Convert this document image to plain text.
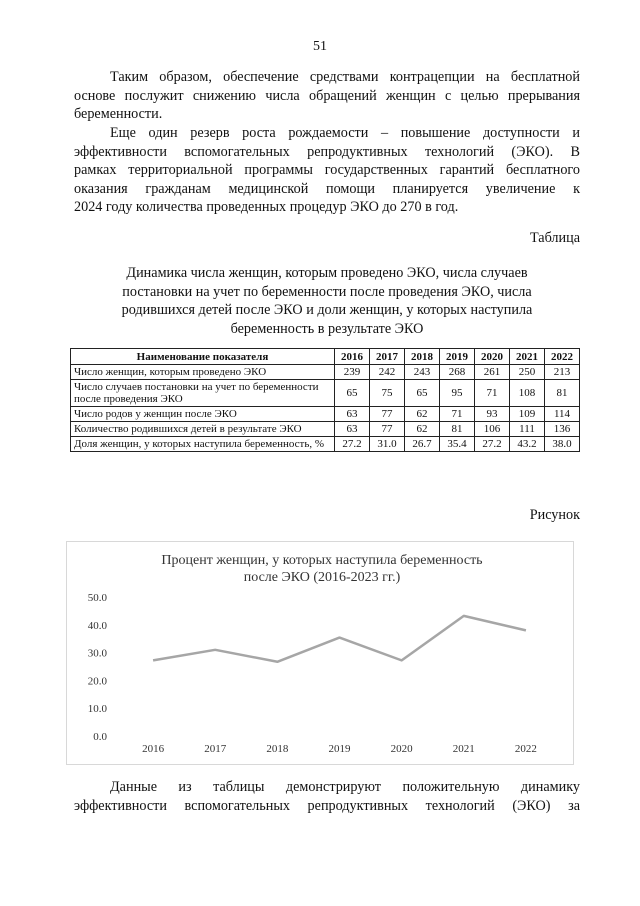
51

Таким образом, обеспечение средствами контрацепции на бесплатной
основе послужит снижению числа обращений женщин с целью прерывания
беременности.

Еще один резерв роста рождаемости – повышение доступности и
эффективности вспомогательных репродуктивных технологий (ЭКО). В
рамках территориальной программы государственных гарантий бесплатного
оказания гражданам медицинской помощи планируется увеличение к
2024 году количества проведенных процедур ЭКО до 270 в год.

Таблица
Динамика числа женщин, которым проведено ЭКО, числа случаев
постановки на учет по беременности после проведения ЭКО, числа
родившихся детей после ЭКО и доли женщин, у которых наступила
беременность в результате ЭКО
Наименование показателя	2016	2017	2018	2019	2020	2021	2022
Число женщин, которым проведено ЭКО	239	242	243	268	261	250	213
Число случаев постановки на учет по беременности после проведения ЭКО	65	75	65	95	71	108	81
Число родов у женщин после ЭКО	63	77	62	71	93	109	114
Количество родившихся детей в результате ЭКО	63	77	62	81	106	111	136
Доля женщин, у которых наступила беременность, %	27.2	31.0	26.7	35.4	27.2	43.2	38.0
Рисунок
0.0
10.0
20.0
30.0
40.0
50.0
2016	2017	2018	2019	2020	2021	2022
Процент женщин, у которых наступила беременность
после ЭКО (2016-2023 гг.)

Данные из таблицы демонстрируют положительную динамику
эффективности вспомогательных репродуктивных технологий (ЭКО) за
